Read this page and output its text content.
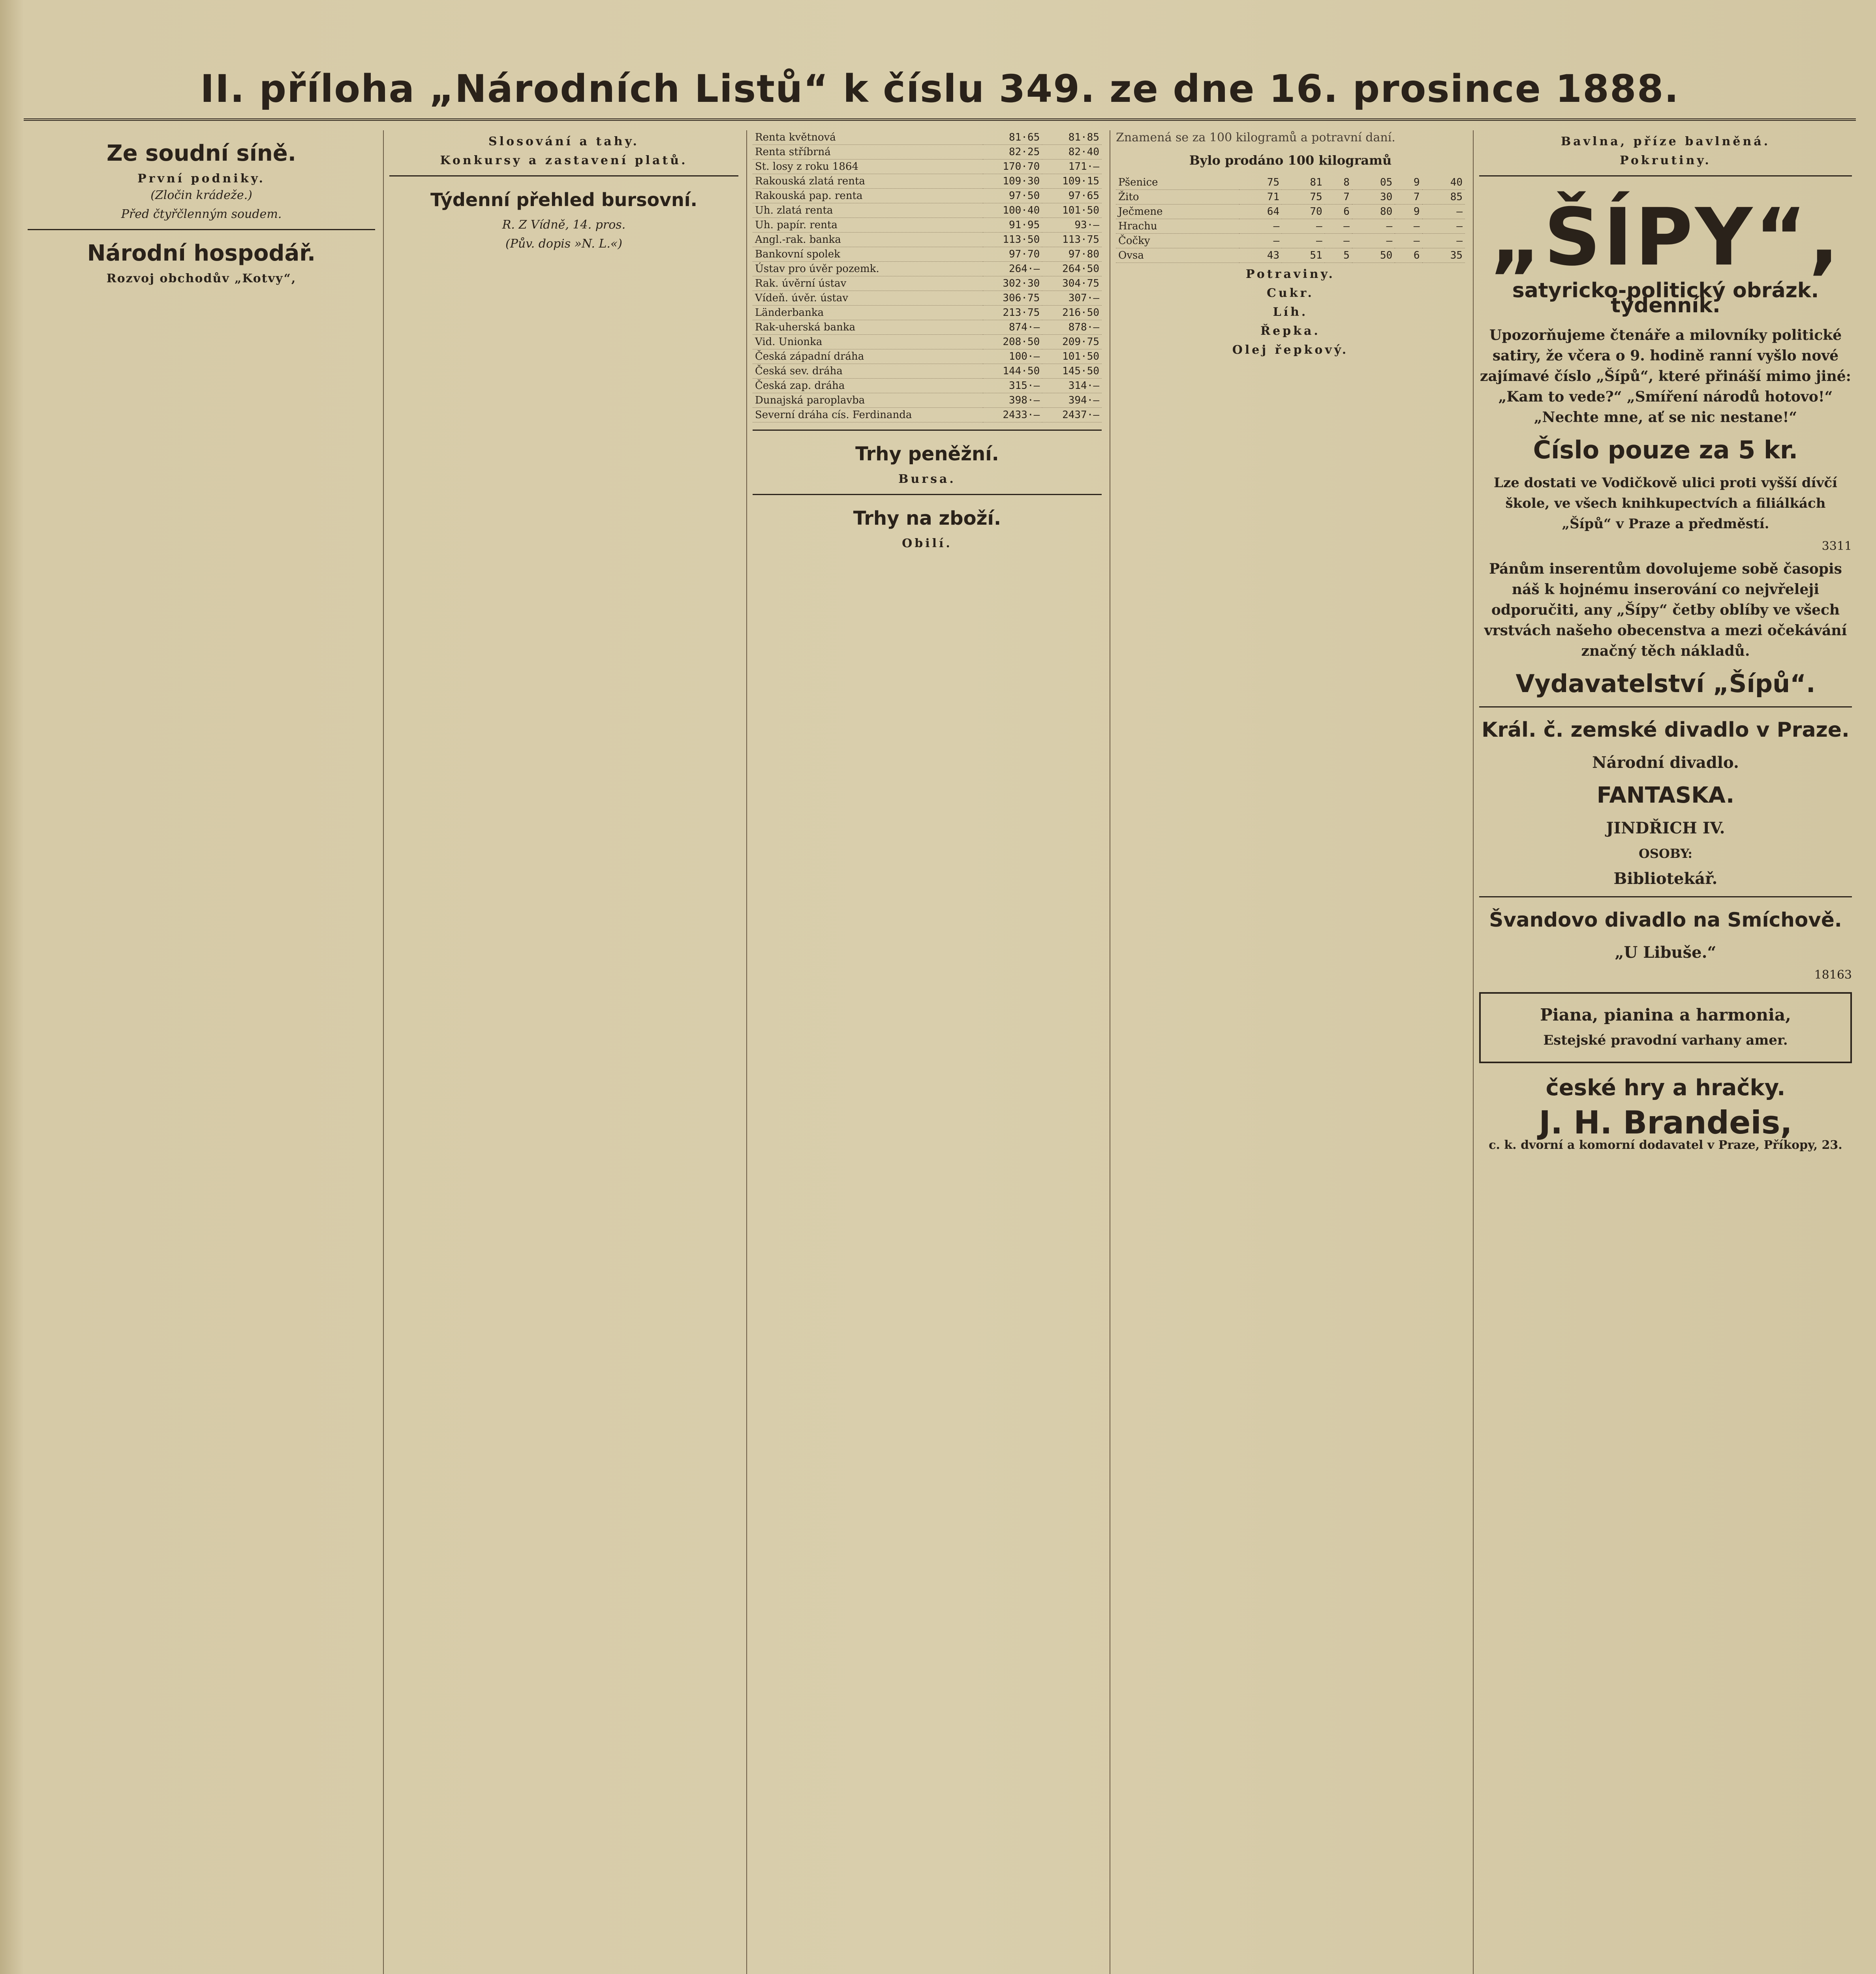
II. příloha „Národních Listů“ k číslu 349. ze dne 16. prosince 1888.
Ze soudní síně.
První podniky.
(Zločin krádeže.)
Před čtyřčlenným soudem.
Národní hospodář.
Rozvoj obchodův „Kotvy“,
Slosování a tahy.
Konkursy a zastavení platů.
Týdenní přehled bursovní.
R. Z Vídně, 14. pros.
(Pův. dopis »N. L.«)
Renta květnová	81·65	81·85
Renta stříbrná	82·25	82·40
St. losy z roku 1864	170·70	171·—
Rakouská zlatá renta	109·30	109·15
Rakouská pap. renta	97·50	97·65
Uh. zlatá renta	100·40	101·50
Uh. papír. renta	91·95	93·—
Angl.-rak. banka	113·50	113·75
Bankovní spolek	97·70	97·80
Ústav pro úvěr pozemk.	264·—	264·50
Rak. úvěrní ústav	302·30	304·75
Vídeň. úvěr. ústav	306·75	307·—
Länderbanka	213·75	216·50
Rak-uherská banka	874·—	878·—
Vid. Unionka	208·50	209·75
Česká západní dráha	100·—	101·50
Česká sev. dráha	144·50	145·50
Česká zap. dráha	315·—	314·—
Dunajská paroplavba	398·—	394·—
Severní dráha cís. Ferdinanda	2433·—	2437·—
Trhy peněžní.
Bursa.
Trhy na zboží.
Obilí.
Znamená se za 100 kilogramů a potravní daní.
Bylo prodáno 100 kilogramů
Pšenice	75	81	8	05	9	40
Žito	71	75	7	30	7	85
Ječmene	64	70	6	80	9	—
Hrachu	—	—	—	—	—	—
Čočky	—	—	—	—	—	—
Ovsa	43	51	5	50	6	35
Potraviny.
Cukr.
Líh.
Řepka.
Olej řepkový.
Bavlna, příze bavlněná.
Pokrutiny.
„ŠÍPY“,
satyricko-politický obrázk. týdenník.
Upozorňujeme čtenáře a milovníky politické satiry, že včera o 9. hodině ranní vyšlo nové zajímavé číslo „Šípů“, které přináší mimo jiné: „Kam to vede?“ „Smíření národů hotovo!“ „Nechte mne, ať se nic nestane!“
Číslo pouze za 5 kr.
Lze dostati ve Vodičkově ulici proti vyšší dívčí škole, ve všech knihkupectvích a filiálkách „Šípů“ v Praze a předměstí.
3311
Pánům inserentům dovolujeme sobě časopis náš k hojnému inserování co nejvřeleji odporučiti, any „Šípy“ četby oblíby ve všech vrstvách našeho obecenstva a mezi očekávání značný těch nákladů.
Vydavatelství „Šípů“.
Král. č. zemské divadlo v Praze.
Národní divadlo.
FANTASKA.
JINDŘICH IV.
OSOBY:
Bibliotekář.
Švandovo divadlo na Smíchově.
„U Libuše.“
18163
Piana, pianina a harmonia,
Estejské pravodní varhany amer.
české hry a hračky.
J. H. Brandeis,
c. k. dvorní a komorní dodavatel v Praze, Příkopy, 23.
